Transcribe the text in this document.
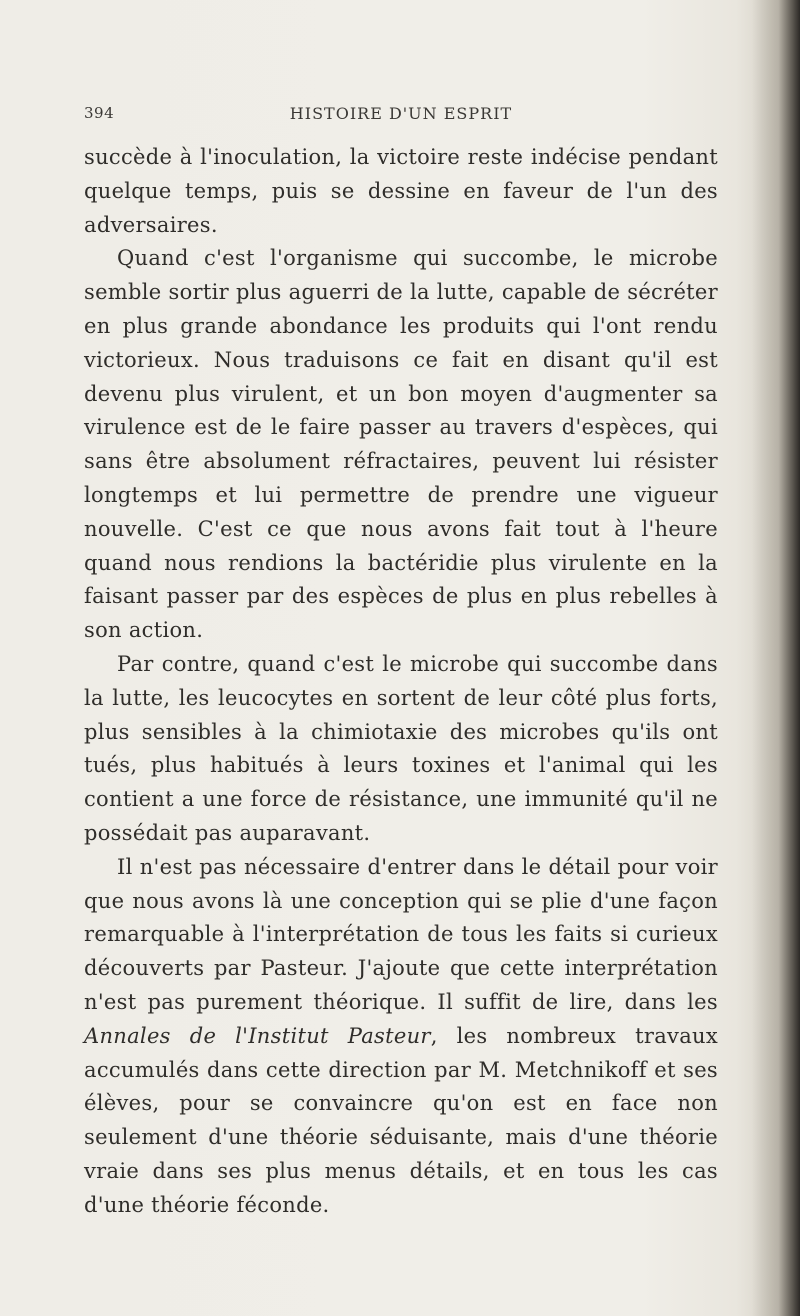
394	HISTOIRE D'UN ESPRIT

succède à l'inoculation, la victoire reste indécise pendant quelque temps, puis se dessine en faveur de l'un des adversaires.

Quand c'est l'organisme qui succombe, le microbe semble sortir plus aguerri de la lutte, capable de sécréter en plus grande abondance les produits qui l'ont rendu victorieux. Nous traduisons ce fait en disant qu'il est devenu plus virulent, et un bon moyen d'augmenter sa virulence est de le faire passer au travers d'espèces, qui sans être absolument réfractaires, peuvent lui résister longtemps et lui permettre de prendre une vigueur nouvelle. C'est ce que nous avons fait tout à l'heure quand nous rendions la bactéridie plus virulente en la faisant passer par des espèces de plus en plus rebelles à son action.

Par contre, quand c'est le microbe qui succombe dans la lutte, les leucocytes en sortent de leur côté plus forts, plus sensibles à la chimiotaxie des microbes qu'ils ont tués, plus habitués à leurs toxines et l'animal qui les contient a une force de résistance, une immunité qu'il ne possédait pas auparavant.

Il n'est pas nécessaire d'entrer dans le détail pour voir que nous avons là une conception qui se plie d'une façon remarquable à l'interprétation de tous les faits si curieux découverts par Pasteur. J'ajoute que cette interprétation n'est pas purement théorique. Il suffit de lire, dans les Annales de l'Institut Pasteur, les nombreux travaux accumulés dans cette direction par M. Metchnikoff et ses élèves, pour se convaincre qu'on est en face non seulement d'une théorie séduisante, mais d'une théorie vraie dans ses plus menus détails, et en tous les cas d'une théorie féconde.
